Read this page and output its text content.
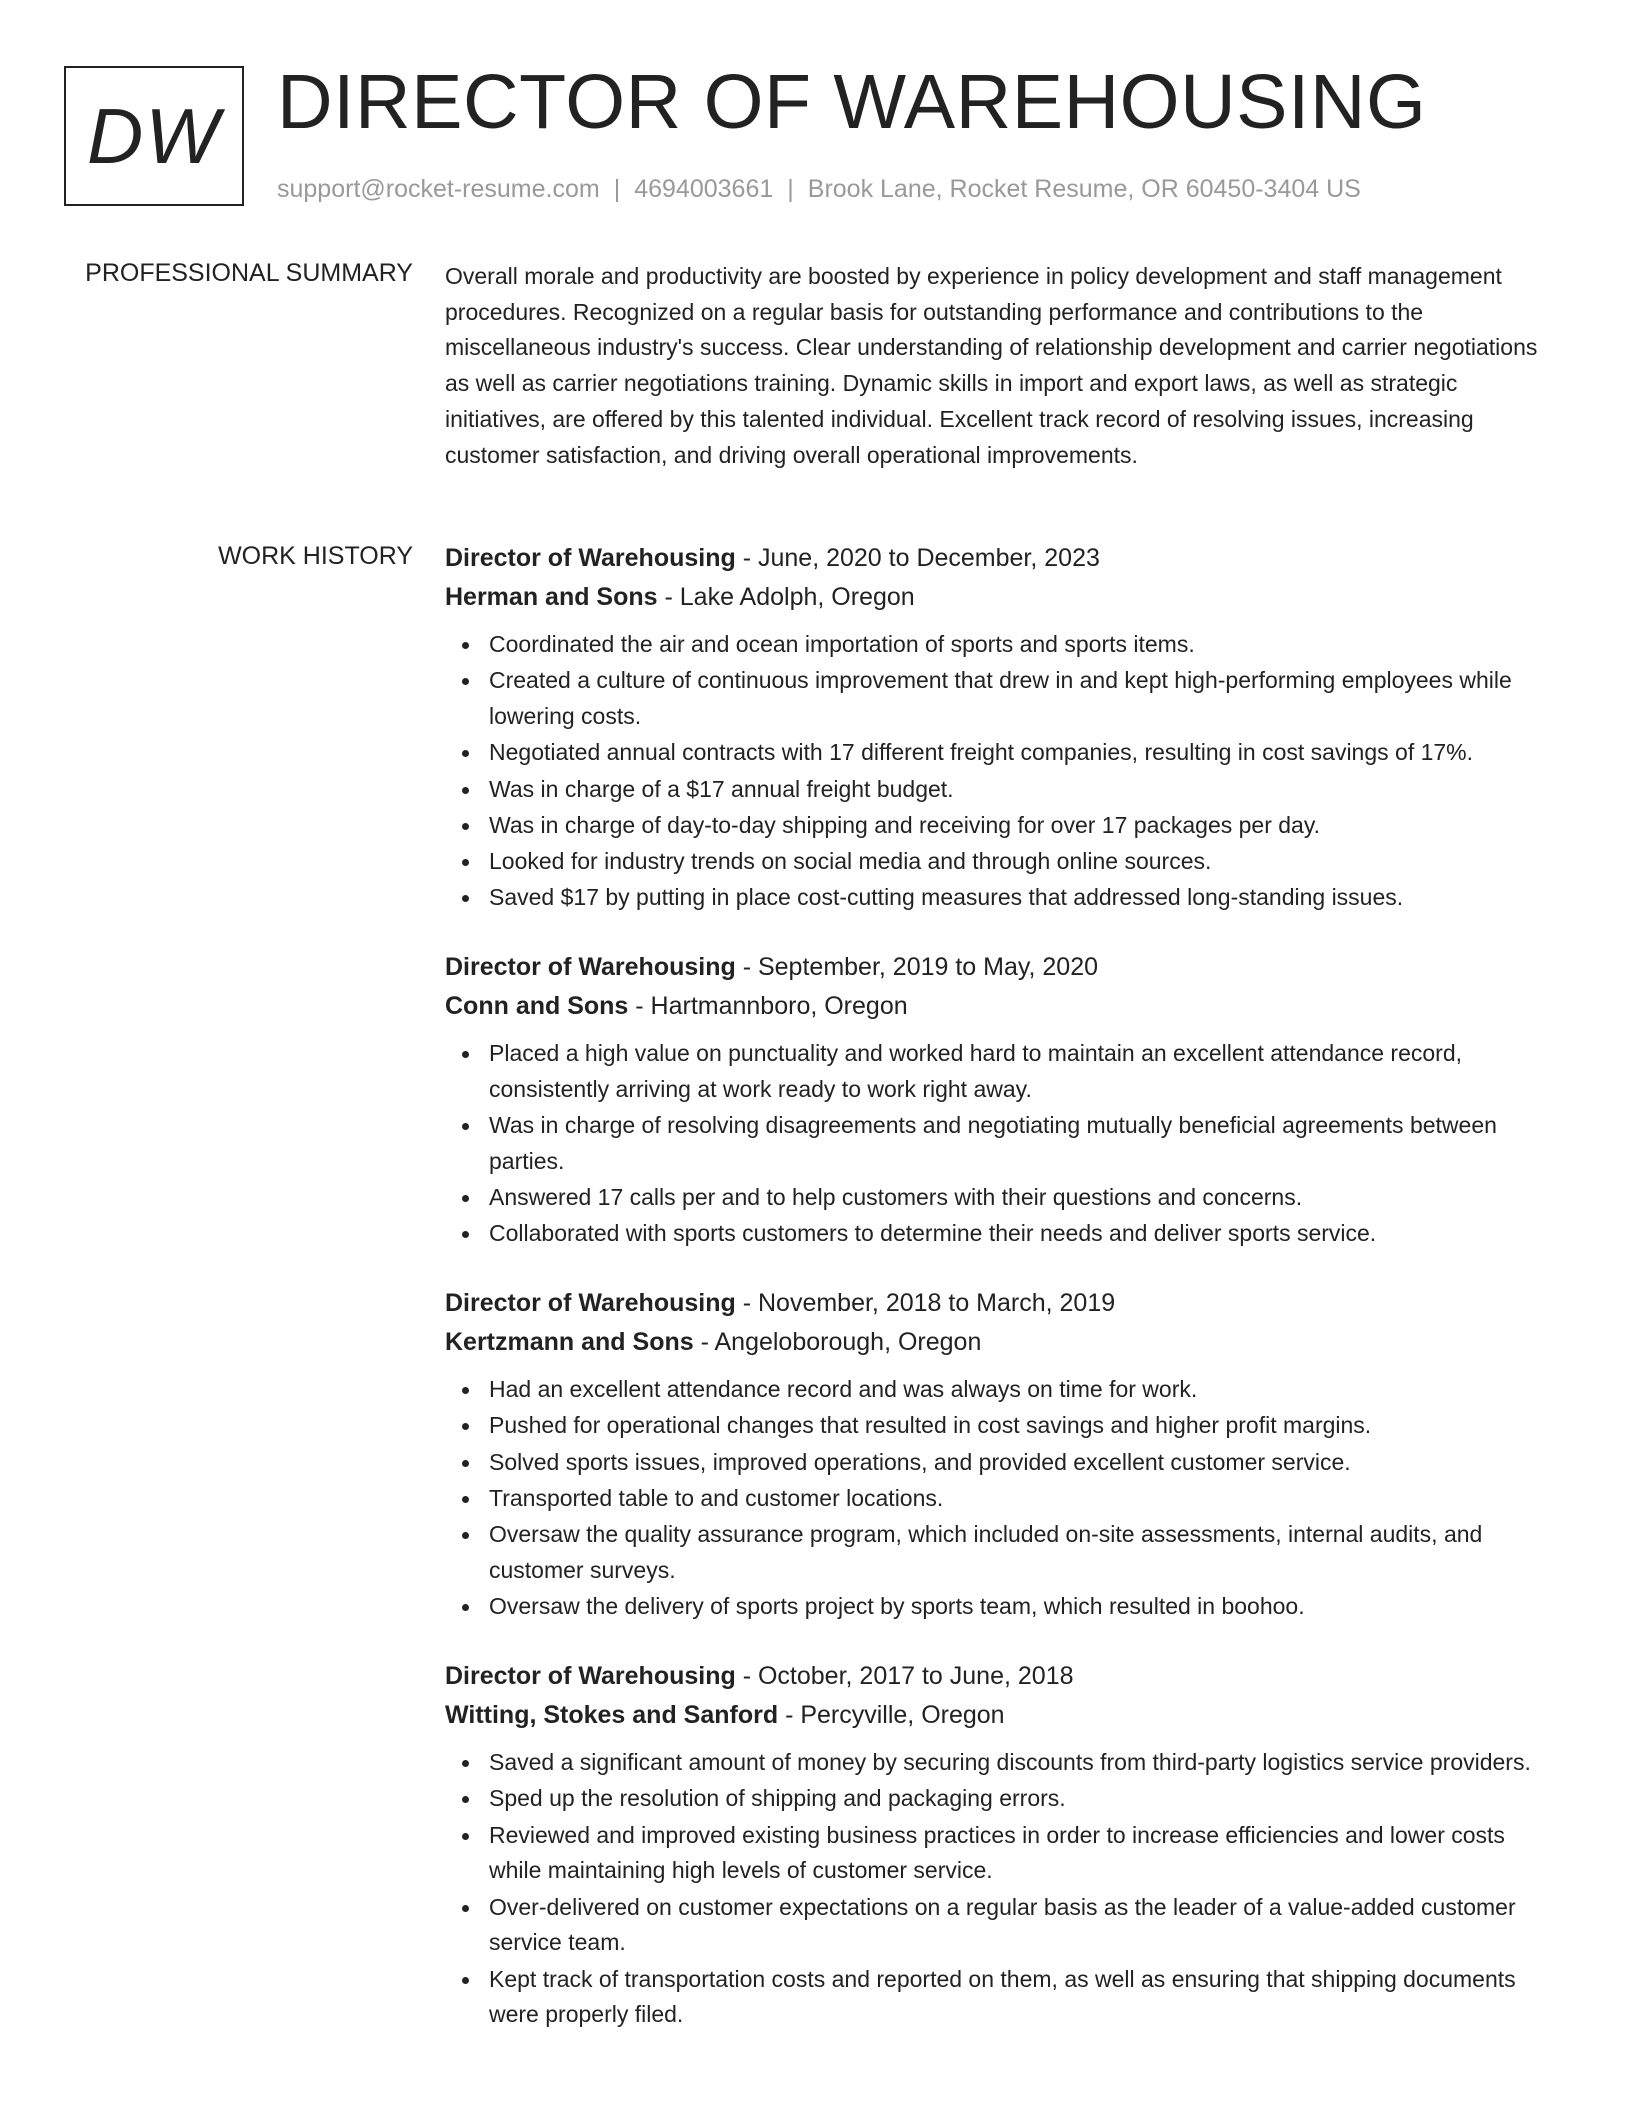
DW DIRECTOR OF WAREHOUSING
support@rocket-resume.com | 4694003661 | Brook Lane, Rocket Resume, OR 60450-3404 US
PROFESSIONAL SUMMARY Overall morale and productivity are boosted by experience in policy development and staff management procedures. Recognized on a regular basis for outstanding performance and contributions to the miscellaneous industry's success. Clear understanding of relationship development and carrier negotiations as well as carrier negotiations training. Dynamic skills in import and export laws, as well as strategic initiatives, are offered by this talented individual. Excellent track record of resolving issues, increasing customer satisfaction, and driving overall operational improvements.

WORK HISTORY Director of Warehousing - June, 2020 to December, 2023
Herman and Sons - Lake Adolph, Oregon
Coordinated the air and ocean importation of sports and sports items.
Created a culture of continuous improvement that drew in and kept high-performing employees while lowering costs.
Negotiated annual contracts with 17 different freight companies, resulting in cost savings of 17%.
Was in charge of a $17 annual freight budget.
Was in charge of day-to-day shipping and receiving for over 17 packages per day.
Looked for industry trends on social media and through online sources.
Saved $17 by putting in place cost-cutting measures that addressed long-standing issues.
Director of Warehousing - September, 2019 to May, 2020
Conn and Sons - Hartmannboro, Oregon
Placed a high value on punctuality and worked hard to maintain an excellent attendance record, consistently arriving at work ready to work right away.
Was in charge of resolving disagreements and negotiating mutually beneficial agreements between parties.
Answered 17 calls per and to help customers with their questions and concerns.
Collaborated with sports customers to determine their needs and deliver sports service.
Director of Warehousing - November, 2018 to March, 2019
Kertzmann and Sons - Angeloborough, Oregon
Had an excellent attendance record and was always on time for work.
Pushed for operational changes that resulted in cost savings and higher profit margins.
Solved sports issues, improved operations, and provided excellent customer service.
Transported table to and customer locations.
Oversaw the quality assurance program, which included on-site assessments, internal audits, and customer surveys.
Oversaw the delivery of sports project by sports team, which resulted in boohoo.
Director of Warehousing - October, 2017 to June, 2018
Witting, Stokes and Sanford - Percyville, Oregon
Saved a significant amount of money by securing discounts from third-party logistics service providers.
Sped up the resolution of shipping and packaging errors.
Reviewed and improved existing business practices in order to increase efficiencies and lower costs while maintaining high levels of customer service.
Over-delivered on customer expectations on a regular basis as the leader of a value-added customer service team.
Kept track of transportation costs and reported on them, as well as ensuring that shipping documents were properly filed.
